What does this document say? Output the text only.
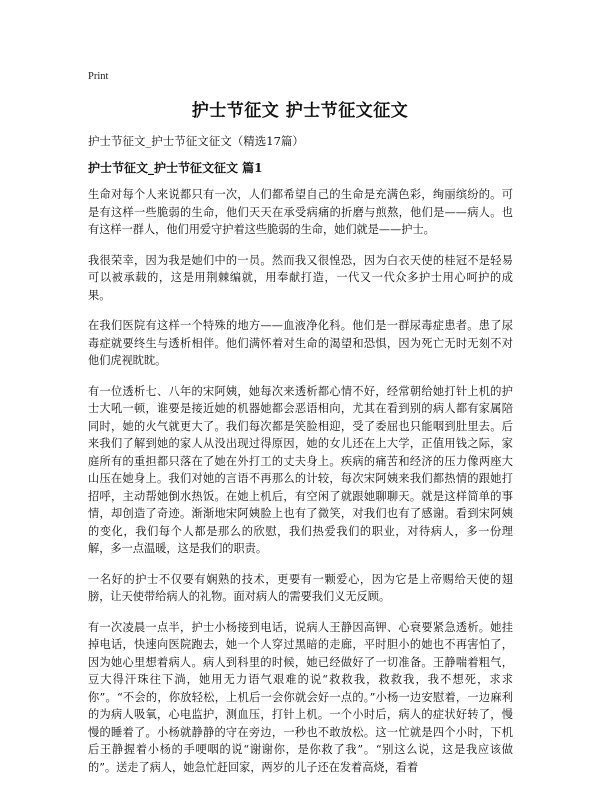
Print
护士节征文 护士节征文征文
护士节征文_护士节征文征文（精选17篇）
护士节征文_护士节征文征文 篇1

生命对每个人来说都只有一次，人们都希望自己的生命是充满色彩，绚丽缤纷的。可是有这样一些脆弱的生命，他们天天在承受病痛的折磨与煎熬，他们是——病人。也有这样一群人，他们用爱守护着这些脆弱的生命，她们就是——护士。

我很荣幸，因为我是她们中的一员。然而我又很惶恐，因为白衣天使的桂冠不是轻易可以被承载的，这是用荆棘编就，用奉献打造，一代又一代众多护士用心呵护的成果。

在我们医院有这样一个特殊的地方——血液净化科。他们是一群尿毒症患者。患了尿毒症就要终生与透析相伴。他们满怀着对生命的渴望和恐惧，因为死亡无时无刻不对他们虎视眈眈。

有一位透析七、八年的宋阿姨，她每次来透析都心情不好，经常朝给她打针上机的护士大吼一顿，谁要是接近她的机器她都会恶语相向，尤其在看到别的病人都有家属陪同时，她的火气就更大了。我们每次都是笑脸相迎，受了委屈也只能咽到肚里去。后来我们了解到她的家人从没出现过得原因，她的女儿还在上大学，正值用钱之际，家庭所有的重担都只落在了她在外打工的丈夫身上。疾病的痛苦和经济的压力像两座大山压在她身上。我们对她的言语不再那么的计较，每次宋阿姨来我们都热情的跟她打招呼，主动帮她倒水热饭。在她上机后，有空闲了就跟她聊聊天。就是这样简单的事情，却创造了奇迹。渐渐地宋阿姨脸上也有了微笑，对我们也有了感谢。看到宋阿姨的变化，我们每个人都是那么的欣慰，我们热爱我们的职业，对待病人，多一份理解，多一点温暖，这是我们的职责。

一名好的护士不仅要有娴熟的技术，更要有一颗爱心，因为它是上帝赐给天使的翅膀，让天使带给病人的礼物。面对病人的需要我们义无反顾。

有一次凌晨一点半，护士小杨接到电话，说病人王静因高钾、心衰要紧急透析。她挂掉电话，快速向医院跑去，她一个人穿过黑暗的走廊，平时胆小的她也不再害怕了，因为她心里想着病人。病人到科里的时候，她已经做好了一切准备。王静喘着粗气，豆大得汗珠往下淌，她用无力语气艰难的说“救救我，救救我，我不想死，求求你”。“不会的，你放轻松，上机后一会你就会好一点的。”小杨一边安慰着，一边麻利的为病人吸氧，心电监护，测血压，打针上机。一个小时后，病人的症状好转了，慢慢的睡着了。小杨就静静的守在旁边，一秒也不敢放松。这一忙就是四个小时，下机后王静握着小杨的手哽咽的说“谢谢你，是你救了我”。“别这么说，这是我应该做的”。送走了病人，她急忙赶回家，两岁的儿子还在发着高烧，看着
